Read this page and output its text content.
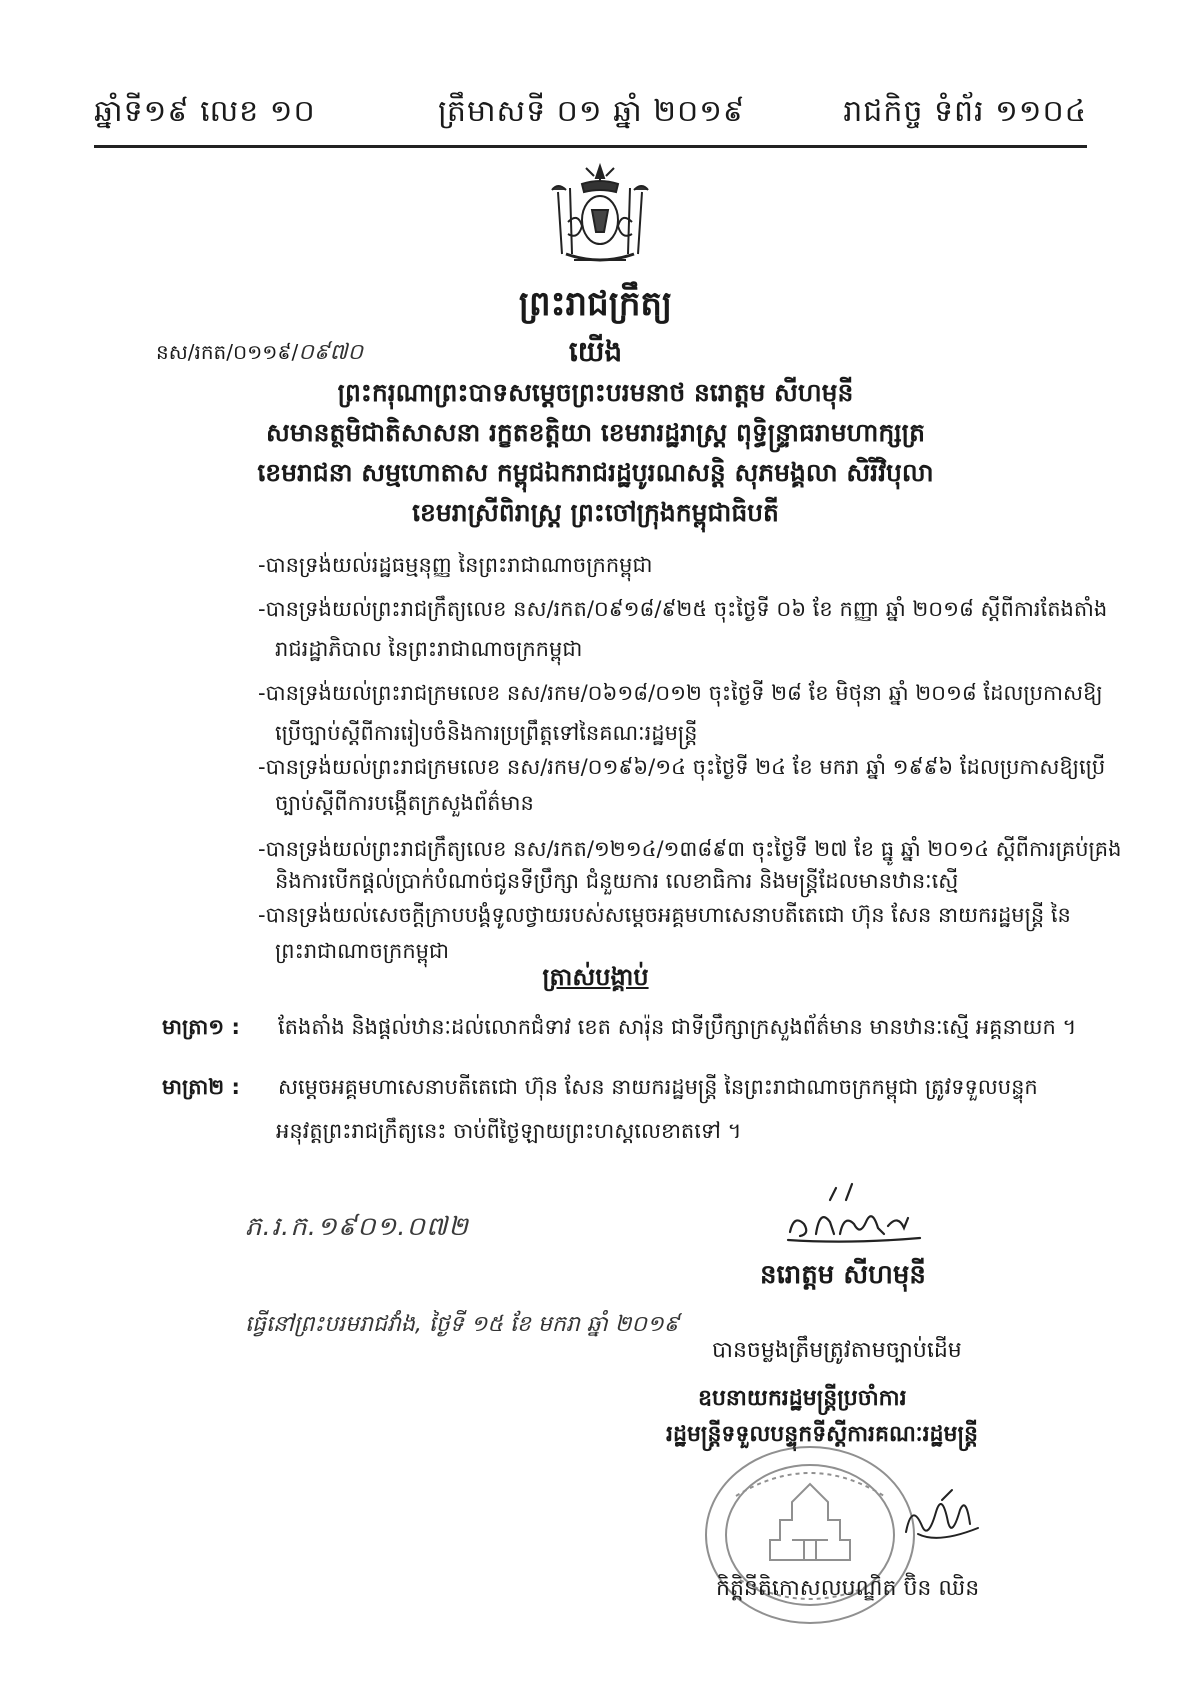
ឆ្នាំទី១៩ លេខ ១០	ត្រឹមាសទី ០១ ឆ្នាំ ២០១៩	រាជកិច្ច ទំព័រ ១១០៤
ព្រះរាជក្រឹត្យ
នស/រកត/០១១៩/០៩៧០	យើង
ព្រះករុណាព្រះបាទសម្តេចព្រះបរមនាថ នរោត្តម សីហមុនី
សមានត្ថមិជាតិសាសនា រក្ខតខត្តិយា ខេមរារដ្ឋរាស្ត្រ ពុទ្ធិន្ទ្រាធរាមហាក្សត្រ
ខេមរាជនា សម្មហោតាស កម្ពុជឯករាជរដ្ឋបូរណសន្តិ សុភមង្គលា សិរីវិបុលា
ខេមរាស្រីពិរាស្ត្រ ព្រះចៅក្រុងកម្ពុជាធិបតី
-បានទ្រង់យល់រដ្ឋធម្មនុញ្ញ នៃព្រះរាជាណាចក្រកម្ពុជា
-បានទ្រង់យល់ព្រះរាជក្រឹត្យលេខ នស/រកត/០៩១៨/៩២៥ ចុះថ្ងៃទី ០៦ ខែ កញ្ញា ឆ្នាំ ២០១៨ ស្តីពីការតែងតាំង
រាជរដ្ឋាភិបាល នៃព្រះរាជាណាចក្រកម្ពុជា
-បានទ្រង់យល់ព្រះរាជក្រមលេខ នស/រកម/០៦១៨/០១២ ចុះថ្ងៃទី ២៨ ខែ មិថុនា ឆ្នាំ ២០១៨ ដែលប្រកាសឱ្យ
ប្រើច្បាប់ស្តីពីការរៀបចំនិងការប្រព្រឹត្តទៅនៃគណៈរដ្ឋមន្ត្រី
-បានទ្រង់យល់ព្រះរាជក្រមលេខ នស/រកម/០១៩៦/១៤ ចុះថ្ងៃទី ២៤ ខែ មករា ឆ្នាំ ១៩៩៦ ដែលប្រកាសឱ្យប្រើ
ច្បាប់ស្តីពីការបង្កើតក្រសួងព័ត៌មាន
-បានទ្រង់យល់ព្រះរាជក្រឹត្យលេខ នស/រកត/១២១៤/១៣៨៩៣ ចុះថ្ងៃទី ២៧ ខែ ធ្នូ ឆ្នាំ ២០១៤ ស្តីពីការគ្រប់គ្រង
និងការបើកផ្តល់ប្រាក់បំណាច់ជូនទីប្រឹក្សា ជំនួយការ លេខាធិការ និងមន្ត្រីដែលមានឋានៈស្មើ
-បានទ្រង់យល់សេចក្តីក្រាបបង្គំទូលថ្វាយរបស់សម្តេចអគ្គមហាសេនាបតីតេជោ ហ៊ុន សែន នាយករដ្ឋមន្ត្រី នៃ
ព្រះរាជាណាចក្រកម្ពុជា
ត្រាស់បង្គាប់
មាត្រា១ : តែងតាំង និងផ្តល់ឋានៈដល់លោកជំទាវ ខេត សារ៉ុន ជាទីប្រឹក្សាក្រសួងព័ត៌មាន មានឋានៈស្មើ អគ្គនាយក ។
មាត្រា២ : សម្តេចអគ្គមហាសេនាបតីតេជោ ហ៊ុន សែន នាយករដ្ឋមន្ត្រី នៃព្រះរាជាណាចក្រកម្ពុជា ត្រូវទទួលបន្ទុក
អនុវត្តព្រះរាជក្រឹត្យនេះ ចាប់ពីថ្ងៃឡាយព្រះហស្តលេខាតទៅ ។
ភ.រ.ក.១៩០១.០៧២
ធ្វើនៅព្រះបរមរាជវាំង, ថ្ងៃទី ១៥ ខែ មករា ឆ្នាំ ២០១៩
នរោត្តម សីហមុនី
បានចម្លងត្រឹមត្រូវតាមច្បាប់ដើម
ឧបនាយករដ្ឋមន្ត្រីប្រចាំការ
រដ្ឋមន្ត្រីទទួលបន្ទុកទីស្តីការគណៈរដ្ឋមន្ត្រី
កិត្តិនីតិកោសលបណ្ឌិត ប៊ិន ឈិន
